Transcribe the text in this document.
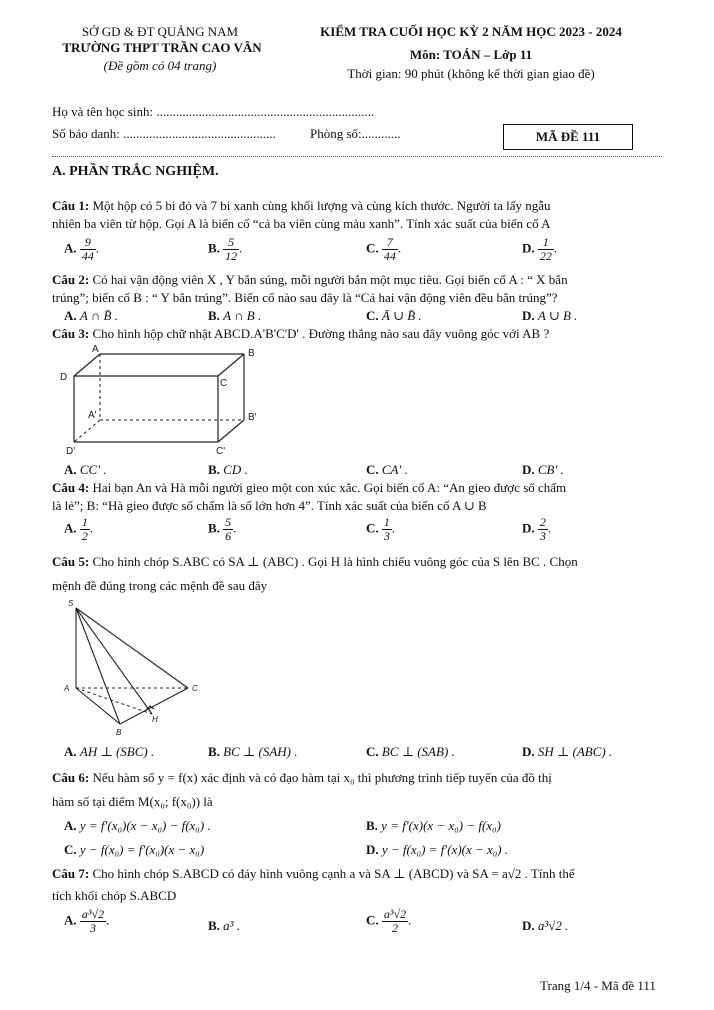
SỞ GD & ĐT QUẢNG NAM
TRƯỜNG THPT TRẦN CAO VÂN
(Đề gồm có 04 trang)
KIỂM TRA CUỐI HỌC KỲ 2 NĂM HỌC 2023 - 2024
Môn: TOÁN – Lớp 11
Thời gian: 90 phút (không kể thời gian giao đề)
Họ và tên học sinh: ...................................................................
Số báo danh: ...............................................	Phòng số:............	MÃ ĐỀ 111
A. PHẦN TRẮC NGHIỆM.
Câu 1: Một hộp có 5 bi đỏ và 7 bi xanh cùng khối lượng và cùng kích thước. Người ta lấy ngẫu
nhiên ba viên từ hộp. Gọi A là biến cố “cả ba viên cùng màu xanh”. Tính xác suất của biến cố A
A. $\frac{9}{44}$ .	B. $\frac{5}{12}$ .	C. $\frac{7}{44}$ .	D. $\frac{1}{22}$ .
Câu 2: Có hai vận động viên X , Y bắn súng, mỗi người bắn một mục tiêu. Gọi biến cố A : “ X bắn
trúng”; biến cố B : “ Y bắn trúng”. Biến cố nào sau đây là “Cả hai vận động viên đều bắn trúng”?
A. A ∩ B̄ .	B. A ∩ B .	C. Ā ∪ B̄ .	D. A ∪ B .
Câu 3: Cho hình hộp chữ nhật ABCD.A'B'C'D' . Đường thẳng nào sau đây vuông góc với AB ?
A	B
C
D
A'	B'
C'
D'
A. CC' .	B. CD .	C. CA' .	D. CB' .
Câu 4: Hai bạn An và Hà mỗi người gieo một con xúc xắc. Gọi biến cố A: “An gieo được số chấm
là lẻ”; B: “Hà gieo được số chấm là số lớn hơn 4”. Tính xác suất của biến cố A ∪ B
A. $\frac{1}{2}$ .	B. $\frac{5}{6}$ .	C. $\frac{1}{3}$ .	D. $\frac{2}{3}$ .
Câu 5: Cho hình chóp S.ABC có SA ⊥ (ABC) . Gọi H là hình chiếu vuông góc của S lên BC . Chọn
mệnh đề đúng trong các mệnh đề sau đây
S
A
B
C
H
A. AH ⊥ (SBC) .	B. BC ⊥ (SAH) .	C. BC ⊥ (SAB) .	D. SH ⊥ (ABC) .
Câu 6: Nếu hàm số y = f(x) xác định và có đạo hàm tại x₀ thì phương trình tiếp tuyến của đồ thị
hàm số tại điểm M(x₀; f(x₀)) là
A. y = f′(x₀)(x − x₀) − f(x₀) .	B. y = f′(x)(x − x₀) − f(x₀)
C. y − f(x₀) = f′(x₀)(x − x₀)	D. y − f(x₀) = f′(x)(x − x₀) .
Câu 7: Cho hình chóp S.ABCD có đáy hình vuông cạnh a và SA ⊥ (ABCD) và SA = a√2 . Tính thể
tích khối chóp S.ABCD
A. $\frac{\text{a³√2}}{3}$ .	B. a³ .	C. $\frac{\text{a³√2}}{2}$ .	D. a³√2 .
Trang 1/4 - Mã đề 111
